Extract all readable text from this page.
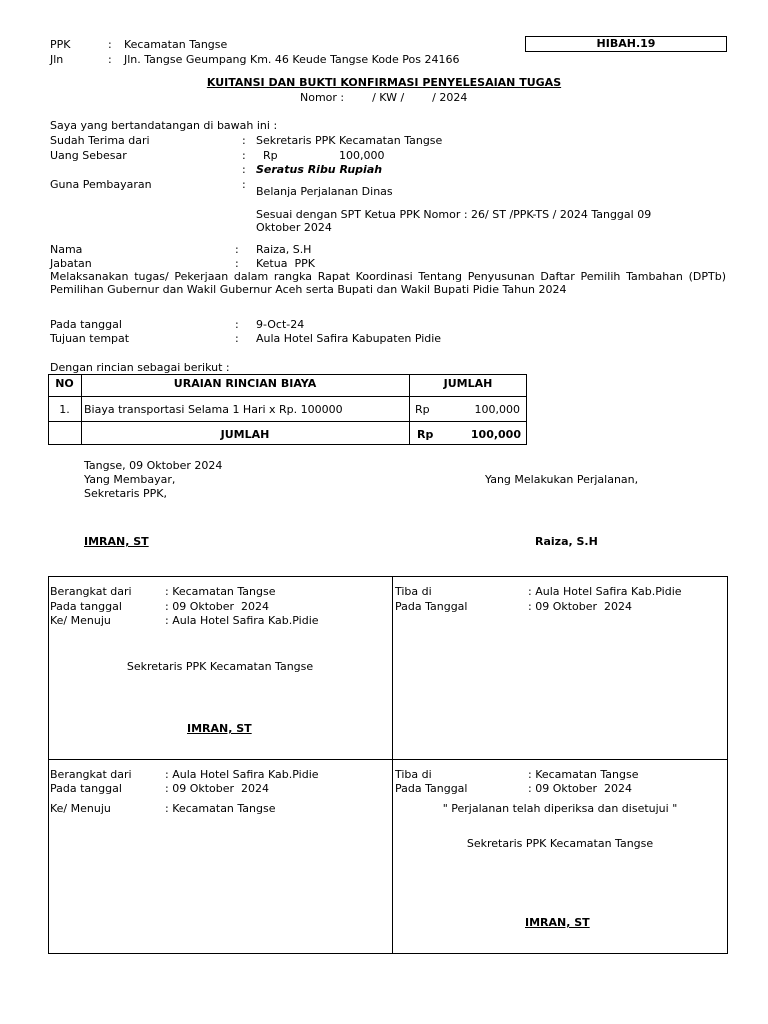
PPK	: Kecamatan Tangse
Jln	: Jln. Tangse Geumpang Km. 46 Keude Tangse Kode Pos 24166
HIBAH.19
KUITANSI DAN BUKTI KONFIRMASI PENYELESAIAN TUGAS
Nomor :        / KW /        / 2024
Saya yang bertandatangan di bawah ini :
Sudah Terima dari	: Sekretaris PPK Kecamatan Tangse
Uang Sebesar	: Rp	100,000
: Seratus Ribu Rupiah
Guna Pembayaran	:
Belanja Perjalanan Dinas
Sesuai dengan SPT Ketua PPK Nomor : 26/ ST /PPK-TS / 2024 Tanggal 09 Oktober 2024
Nama	: Raiza, S.H
Jabatan	: Ketua  PPK
Melaksanakan tugas/ Pekerjaan dalam rangka Rapat Koordinasi Tentang Penyusunan Daftar Pemilih Tambahan (DPTb) Pemilihan Gubernur dan Wakil Gubernur Aceh serta Bupati dan Wakil Bupati Pidie Tahun 2024
Pada tanggal	: 9-Oct-24
Tujuan tempat	: Aula Hotel Safira Kabupaten Pidie
Dengan rincian sebagai berikut :
NO	URAIAN RINCIAN BIAYA	JUMLAH
1.	Biaya transportasi Selama 1 Hari x Rp. 100000	Rp	100,000
JUMLAH	Rp	100,000
Tangse, 09 Oktober 2024
Yang Membayar,
Sekretaris PPK,
Yang Melakukan Perjalanan,
IMRAN, ST	Raiza, S.H
Berangkat dari	: Kecamatan Tangse
Pada tanggal	: 09 Oktober  2024
Ke/ Menuju	: Aula Hotel Safira Kab.Pidie
Sekretaris PPK Kecamatan Tangse
IMRAN, ST
Tiba di	: Aula Hotel Safira Kab.Pidie
Pada Tanggal	: 09 Oktober  2024
Berangkat dari	: Aula Hotel Safira Kab.Pidie
Pada tanggal	: 09 Oktober  2024
Ke/ Menuju	: Kecamatan Tangse
Tiba di	: Kecamatan Tangse
Pada Tanggal	: 09 Oktober  2024
" Perjalanan telah diperiksa dan disetujui "
Sekretaris PPK Kecamatan Tangse
IMRAN, ST
